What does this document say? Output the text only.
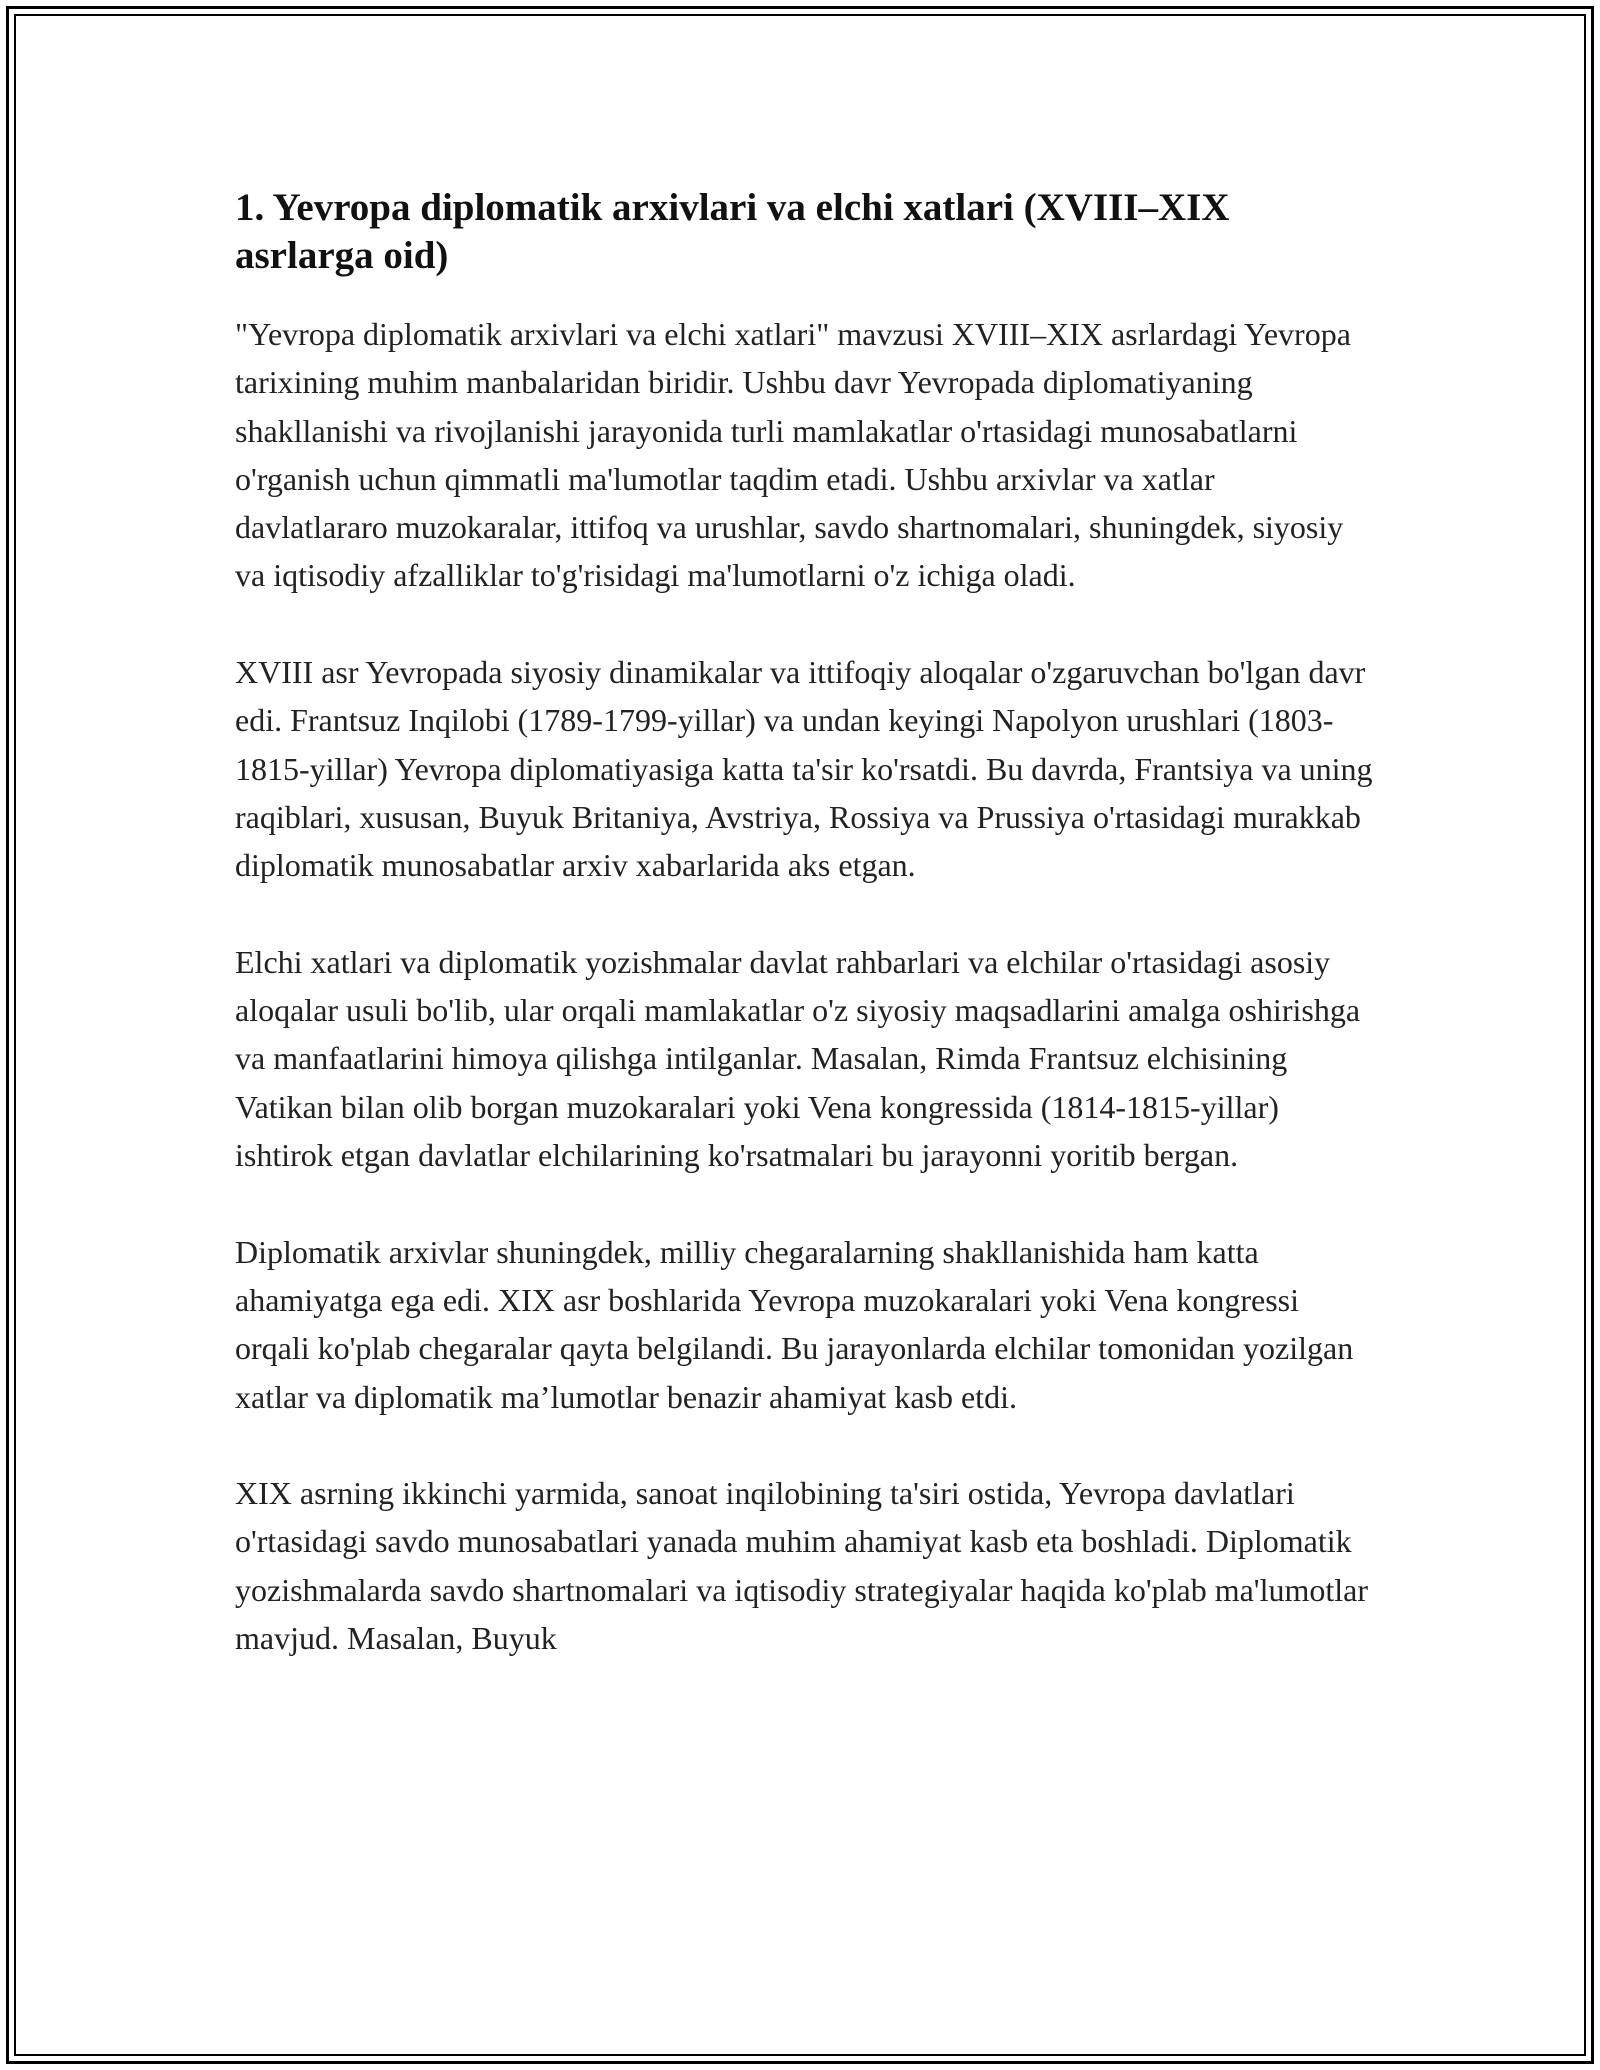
1. Yevropa diplomatik arxivlari va elchi xatlari (XVIII–XIX asrlarga oid)

"Yevropa diplomatik arxivlari va elchi xatlari" mavzusi XVIII–XIX asrlardagi Yevropa tarixining muhim manbalaridan biridir. Ushbu davr Yevropada diplomatiyaning shakllanishi va rivojlanishi jarayonida turli mamlakatlar o'rtasidagi munosabatlarni o'rganish uchun qimmatli ma'lumotlar taqdim etadi. Ushbu arxivlar va xatlar davlatlararo muzokaralar, ittifoq va urushlar, savdo shartnomalari, shuningdek, siyosiy va iqtisodiy afzalliklar to'g'risidagi ma'lumotlarni o'z ichiga oladi.

XVIII asr Yevropada siyosiy dinamikalar va ittifoqiy aloqalar o'zgaruvchan bo'lgan davr edi. Frantsuz Inqilobi (1789-1799-yillar) va undan keyingi Napolyon urushlari (1803-1815-yillar) Yevropa diplomatiyasiga katta ta'sir ko'rsatdi. Bu davrda, Frantsiya va uning raqiblari, xususan, Buyuk Britaniya, Avstriya, Rossiya va Prussiya o'rtasidagi murakkab diplomatik munosabatlar arxiv xabarlarida aks etgan.

Elchi xatlari va diplomatik yozishmalar davlat rahbarlari va elchilar o'rtasidagi asosiy aloqalar usuli bo'lib, ular orqali mamlakatlar o'z siyosiy maqsadlarini amalga oshirishga va manfaatlarini himoya qilishga intilganlar. Masalan, Rimda Frantsuz elchisining Vatikan bilan olib borgan muzokaralari yoki Vena kongressida (1814-1815-yillar) ishtirok etgan davlatlar elchilarining ko'rsatmalari bu jarayonni yoritib bergan.

Diplomatik arxivlar shuningdek, milliy chegaralarning shakllanishida ham katta ahamiyatga ega edi. XIX asr boshlarida Yevropa muzokaralari yoki Vena kongressi orqali ko'plab chegaralar qayta belgilandi. Bu jarayonlarda elchilar tomonidan yozilgan xatlar va diplomatik ma’lumotlar benazir ahamiyat kasb etdi.

XIX asrning ikkinchi yarmida, sanoat inqilobining ta'siri ostida, Yevropa davlatlari o'rtasidagi savdo munosabatlari yanada muhim ahamiyat kasb eta boshladi. Diplomatik yozishmalarda savdo shartnomalari va iqtisodiy strategiyalar haqida ko'plab ma'lumotlar mavjud. Masalan, Buyuk
